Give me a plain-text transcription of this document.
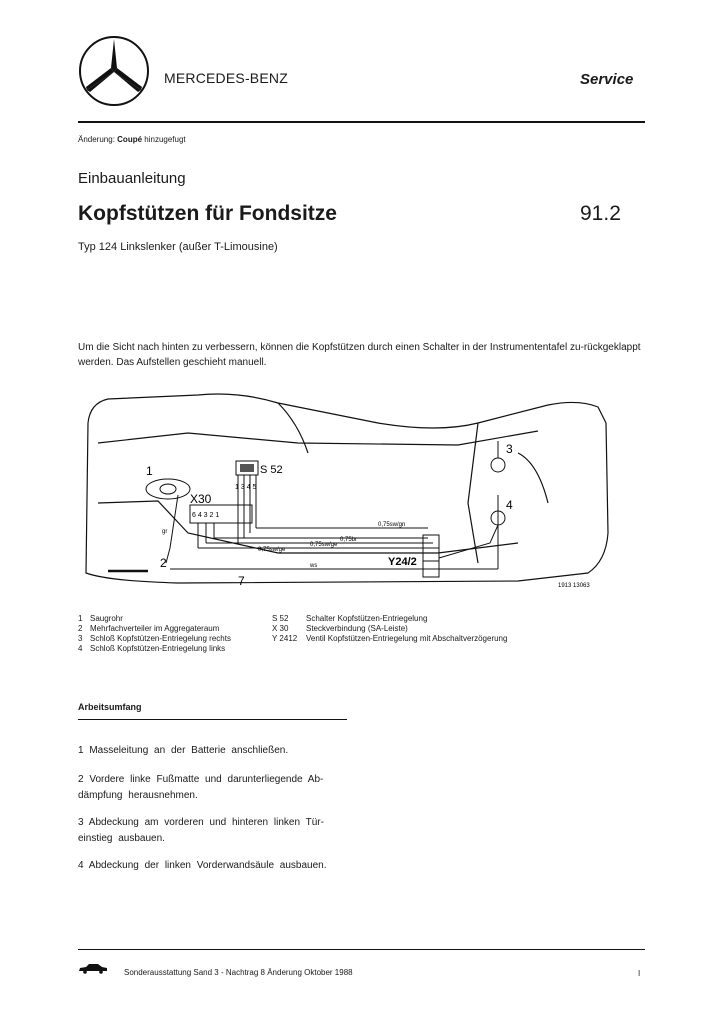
MERCEDES-BENZ	Service
Änderung: Coupé hinzugefugt
Einbauanleitung
Kopfstützen für Fondsitze	91.2
Typ 124 Linkslenker (außer T-Limousine)
Um die Sicht nach hinten zu verbessern, können die Kopfstützen durch einen Schalter in der Instrumententafel zu-rückgeklappt werden. Das Aufstellen geschieht manuell.
1
2
3
4
7
X30
S 52
Y24/2
6 4 3 2 1
1 3 4 5
1913 13063
0,75sw/gn
0,75br
0,75sw/ge
0,75sw/ge
ws
gr
1 Saugrohr
2 Mehrfachverteiler im Aggregateraum
3 Schloß Kopfstützen-Entriegelung rechts
4 Schloß Kopfstützen-Entriegelung links
S 52	Schalter Kopfstützen-Entriegelung
X 30	Steckverbindung (SA-Leiste)
Y 2412	Ventil Kopfstützen-Entriegelung mit Abschaltverzögerung
Arbeitsumfang
1 Masseleitung an der Batterie anschließen.
2 Vordere linke Fußmatte und darunterliegende Ab-dämpfung herausnehmen.
3 Abdeckung am vorderen und hinteren linken Tür-einstieg ausbauen.
4 Abdeckung der linken Vorderwandsäule ausbauen.
Sonderausstattung Sand 3 - Nachtrag 8 Änderung Oktober 1988	I
